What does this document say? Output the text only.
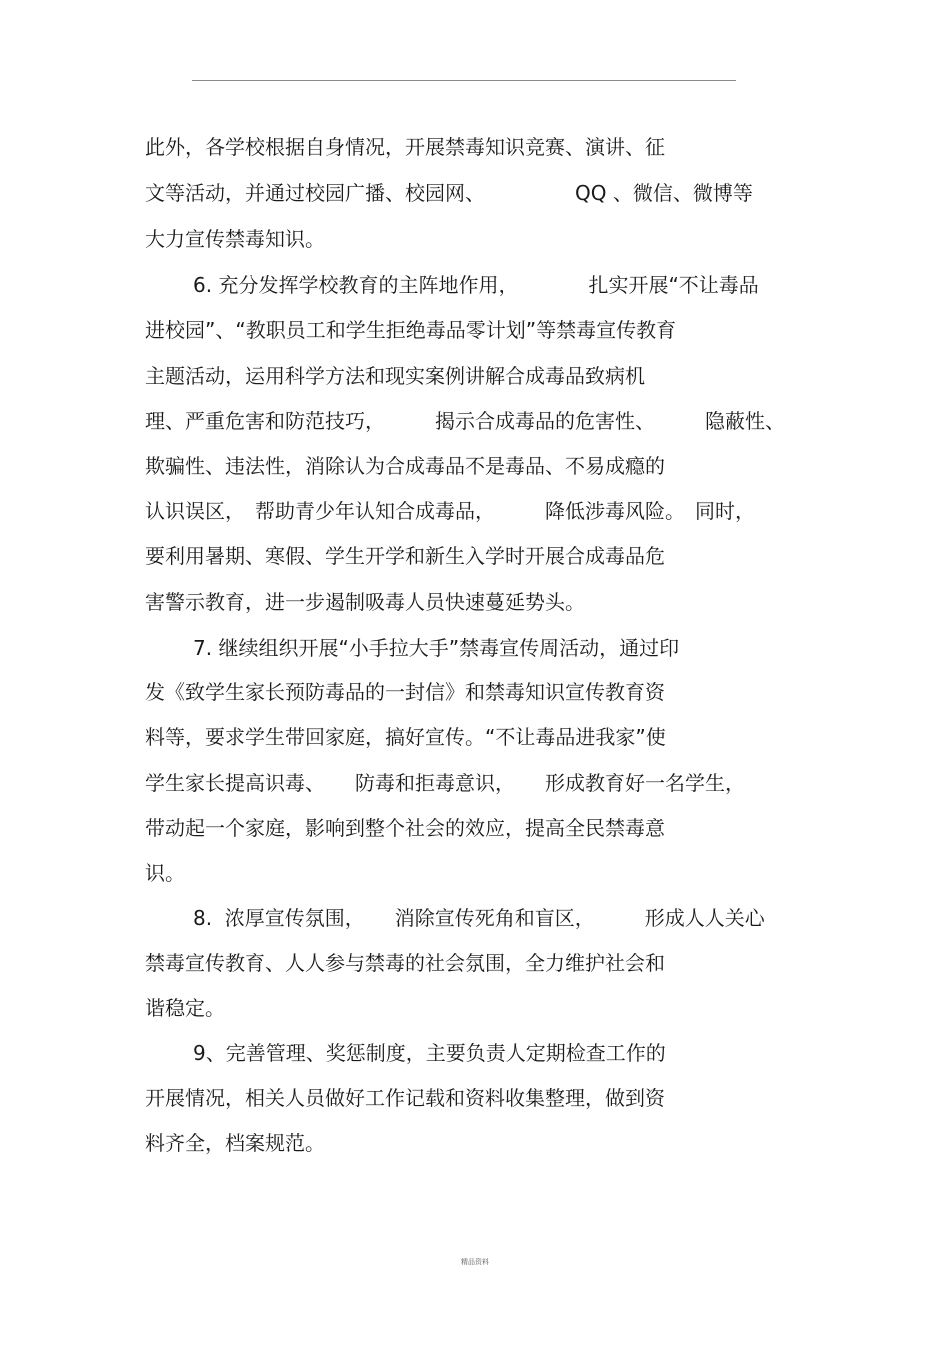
此外，各学校根据自身情况，开展禁毒知识竞赛、演讲、征
文等活动，并通过校园广播、校园网、　　　　　QQ 、微信、微博等
大力宣传禁毒知识。
6. 充分发挥学校教育的主阵地作用，　　　　扎实开展“不让毒品
进校园”、“教职员工和学生拒绝毒品零计划”等禁毒宣传教育
主题活动，运用科学方法和现实案例讲解合成毒品致病机
理、严重危害和防范技巧，　　　揭示合成毒品的危害性、　　　隐蔽性、
欺骗性、违法性，消除认为合成毒品不是毒品、不易成瘾的
认识误区，　帮助青少年认知合成毒品，　　　降低涉毒风险。　同时，
要利用暑期、寒假、学生开学和新生入学时开展合成毒品危
害警示教育，进一步遏制吸毒人员快速蔓延势头。
7. 继续组织开展“小手拉大手”禁毒宣传周活动，通过印
发《致学生家长预防毒品的一封信》和禁毒知识宣传教育资
料等，要求学生带回家庭，搞好宣传。“不让毒品进我家”使
学生家长提高识毒、　　防毒和拒毒意识，　　形成教育好一名学生，
带动起一个家庭，影响到整个社会的效应，提高全民禁毒意
识。
8.  浓厚宣传氛围，　　消除宣传死角和盲区，　　　形成人人关心
禁毒宣传教育、人人参与禁毒的社会氛围，全力维护社会和
谐稳定。
9、完善管理、奖惩制度，主要负责人定期检查工作的
开展情况，相关人员做好工作记载和资料收集整理，做到资
料齐全，档案规范。
精品资料
